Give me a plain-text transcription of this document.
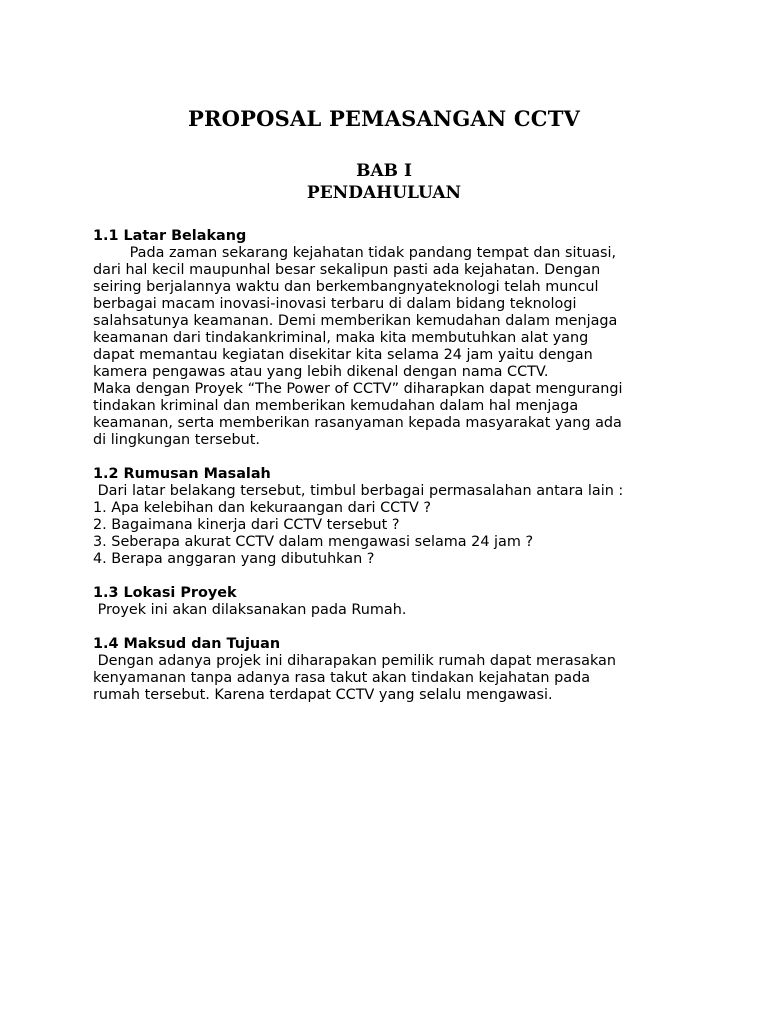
PROPOSAL PEMASANGAN CCTV
BAB I
PENDAHULUAN
1.1 Latar Belakang
Pada zaman sekarang kejahatan tidak pandang tempat dan situasi,
dari hal kecil maupunhal besar sekalipun pasti ada kejahatan. Dengan
seiring berjalannya waktu dan berkembangnyateknologi telah muncul
berbagai macam inovasi-inovasi terbaru di dalam bidang teknologi
salahsatunya keamanan. Demi memberikan kemudahan dalam menjaga
keamanan dari tindakankriminal, maka kita membutuhkan alat yang
dapat memantau kegiatan disekitar kita selama 24 jam yaitu dengan
kamera pengawas atau yang lebih dikenal dengan nama CCTV.
Maka dengan Proyek “The Power of CCTV” diharapkan dapat mengurangi
tindakan kriminal dan memberikan kemudahan dalam hal menjaga
keamanan, serta memberikan rasanyaman kepada masyarakat yang ada
di lingkungan tersebut.
1.2 Rumusan Masalah
Dari latar belakang tersebut, timbul berbagai permasalahan antara lain :
1. Apa kelebihan dan kekuraangan dari CCTV ?
2. Bagaimana kinerja dari CCTV tersebut ?
3. Seberapa akurat CCTV dalam mengawasi selama 24 jam ?
4. Berapa anggaran yang dibutuhkan ?
1.3 Lokasi Proyek
Proyek ini akan dilaksanakan pada Rumah.
1.4 Maksud dan Tujuan
Dengan adanya projek ini diharapakan pemilik rumah dapat merasakan
kenyamanan tanpa adanya rasa takut akan tindakan kejahatan pada
rumah tersebut. Karena terdapat CCTV yang selalu mengawasi.
